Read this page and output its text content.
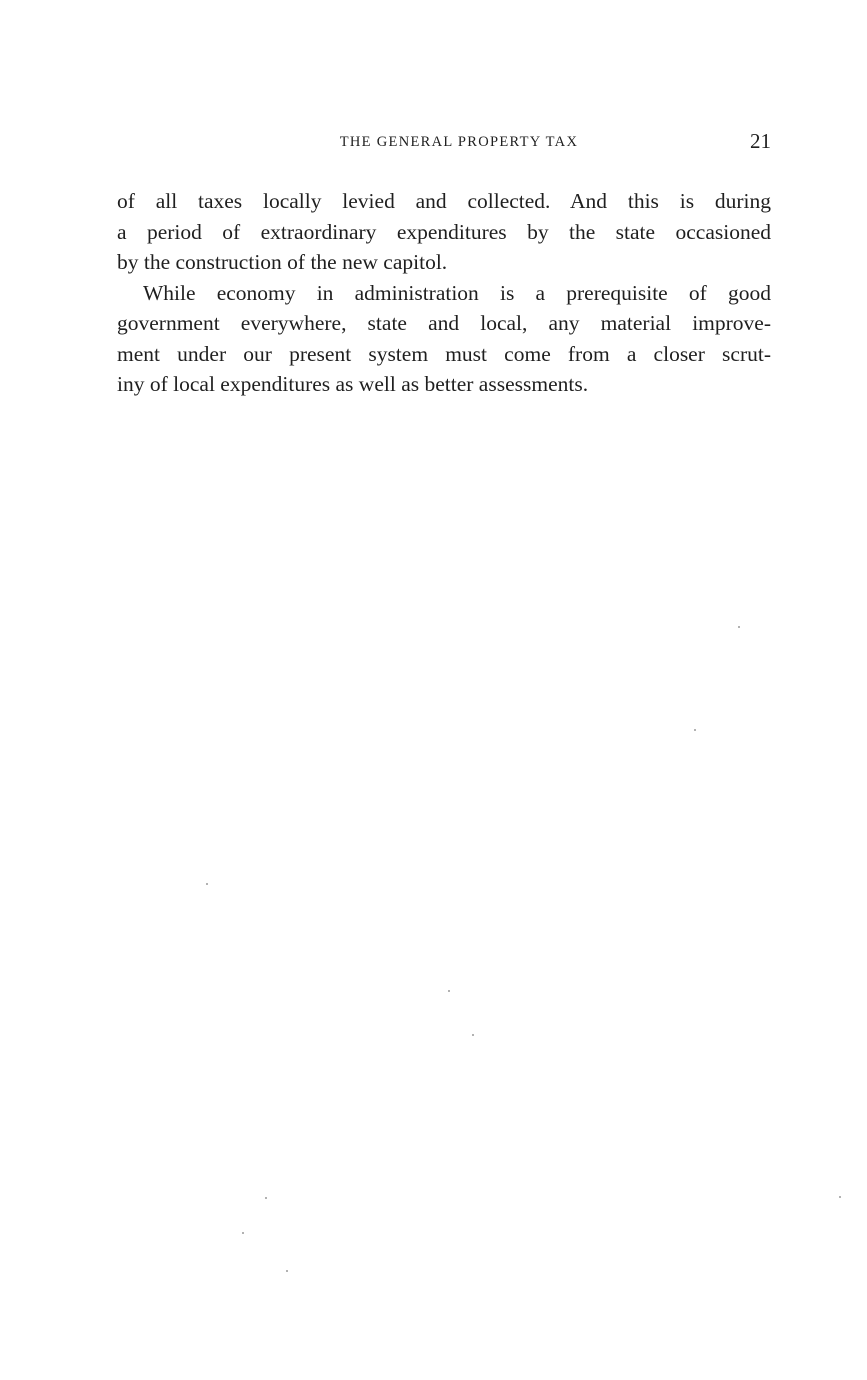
THE GENERAL PROPERTY TAX	21
of all taxes locally levied and collected. And this is during
a period of extraordinary expenditures by the state occasioned
by the construction of the new capitol.
While economy in administration is a prerequisite of good
government everywhere, state and local, any material improve-
ment under our present system must come from a closer scrut-
iny of local expenditures as well as better assessments.
